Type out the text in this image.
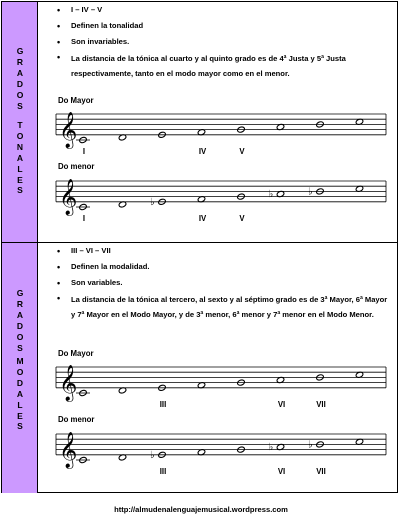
G
R
A
D
O
S
T
O
N
A
L
E
S
• I – IV – V
• Definen la tonalidad
• Son invariables.
• La distancia de la tónica al cuarto y al quinto grado es de 4ª Justa y 5ª Justa respectivamente, tanto en el modo mayor como en el menor.
Do Mayor
𝄞
I	IV	V
Do menor
𝄞
I
♭
IV	V
♭	♭
G
R
A
D
O
S
M
O
D
A
L
E
S
• III – VI – VII
• Definen la modalidad.
• Son variables.
• La distancia de la tónica al tercero, al sexto y al séptimo grado es de 3ª Mayor, 6ª Mayor y 7ª Mayor en el Modo Mayor, y de 3ª menor, 6ª menor y 7ª menor en el Modo Menor.
Do Mayor
𝄞
III	VI	VII
Do menor
𝄞	♭
III
♭
VI
♭
VII
http://almudenalenguajemusical.wordpress.com
